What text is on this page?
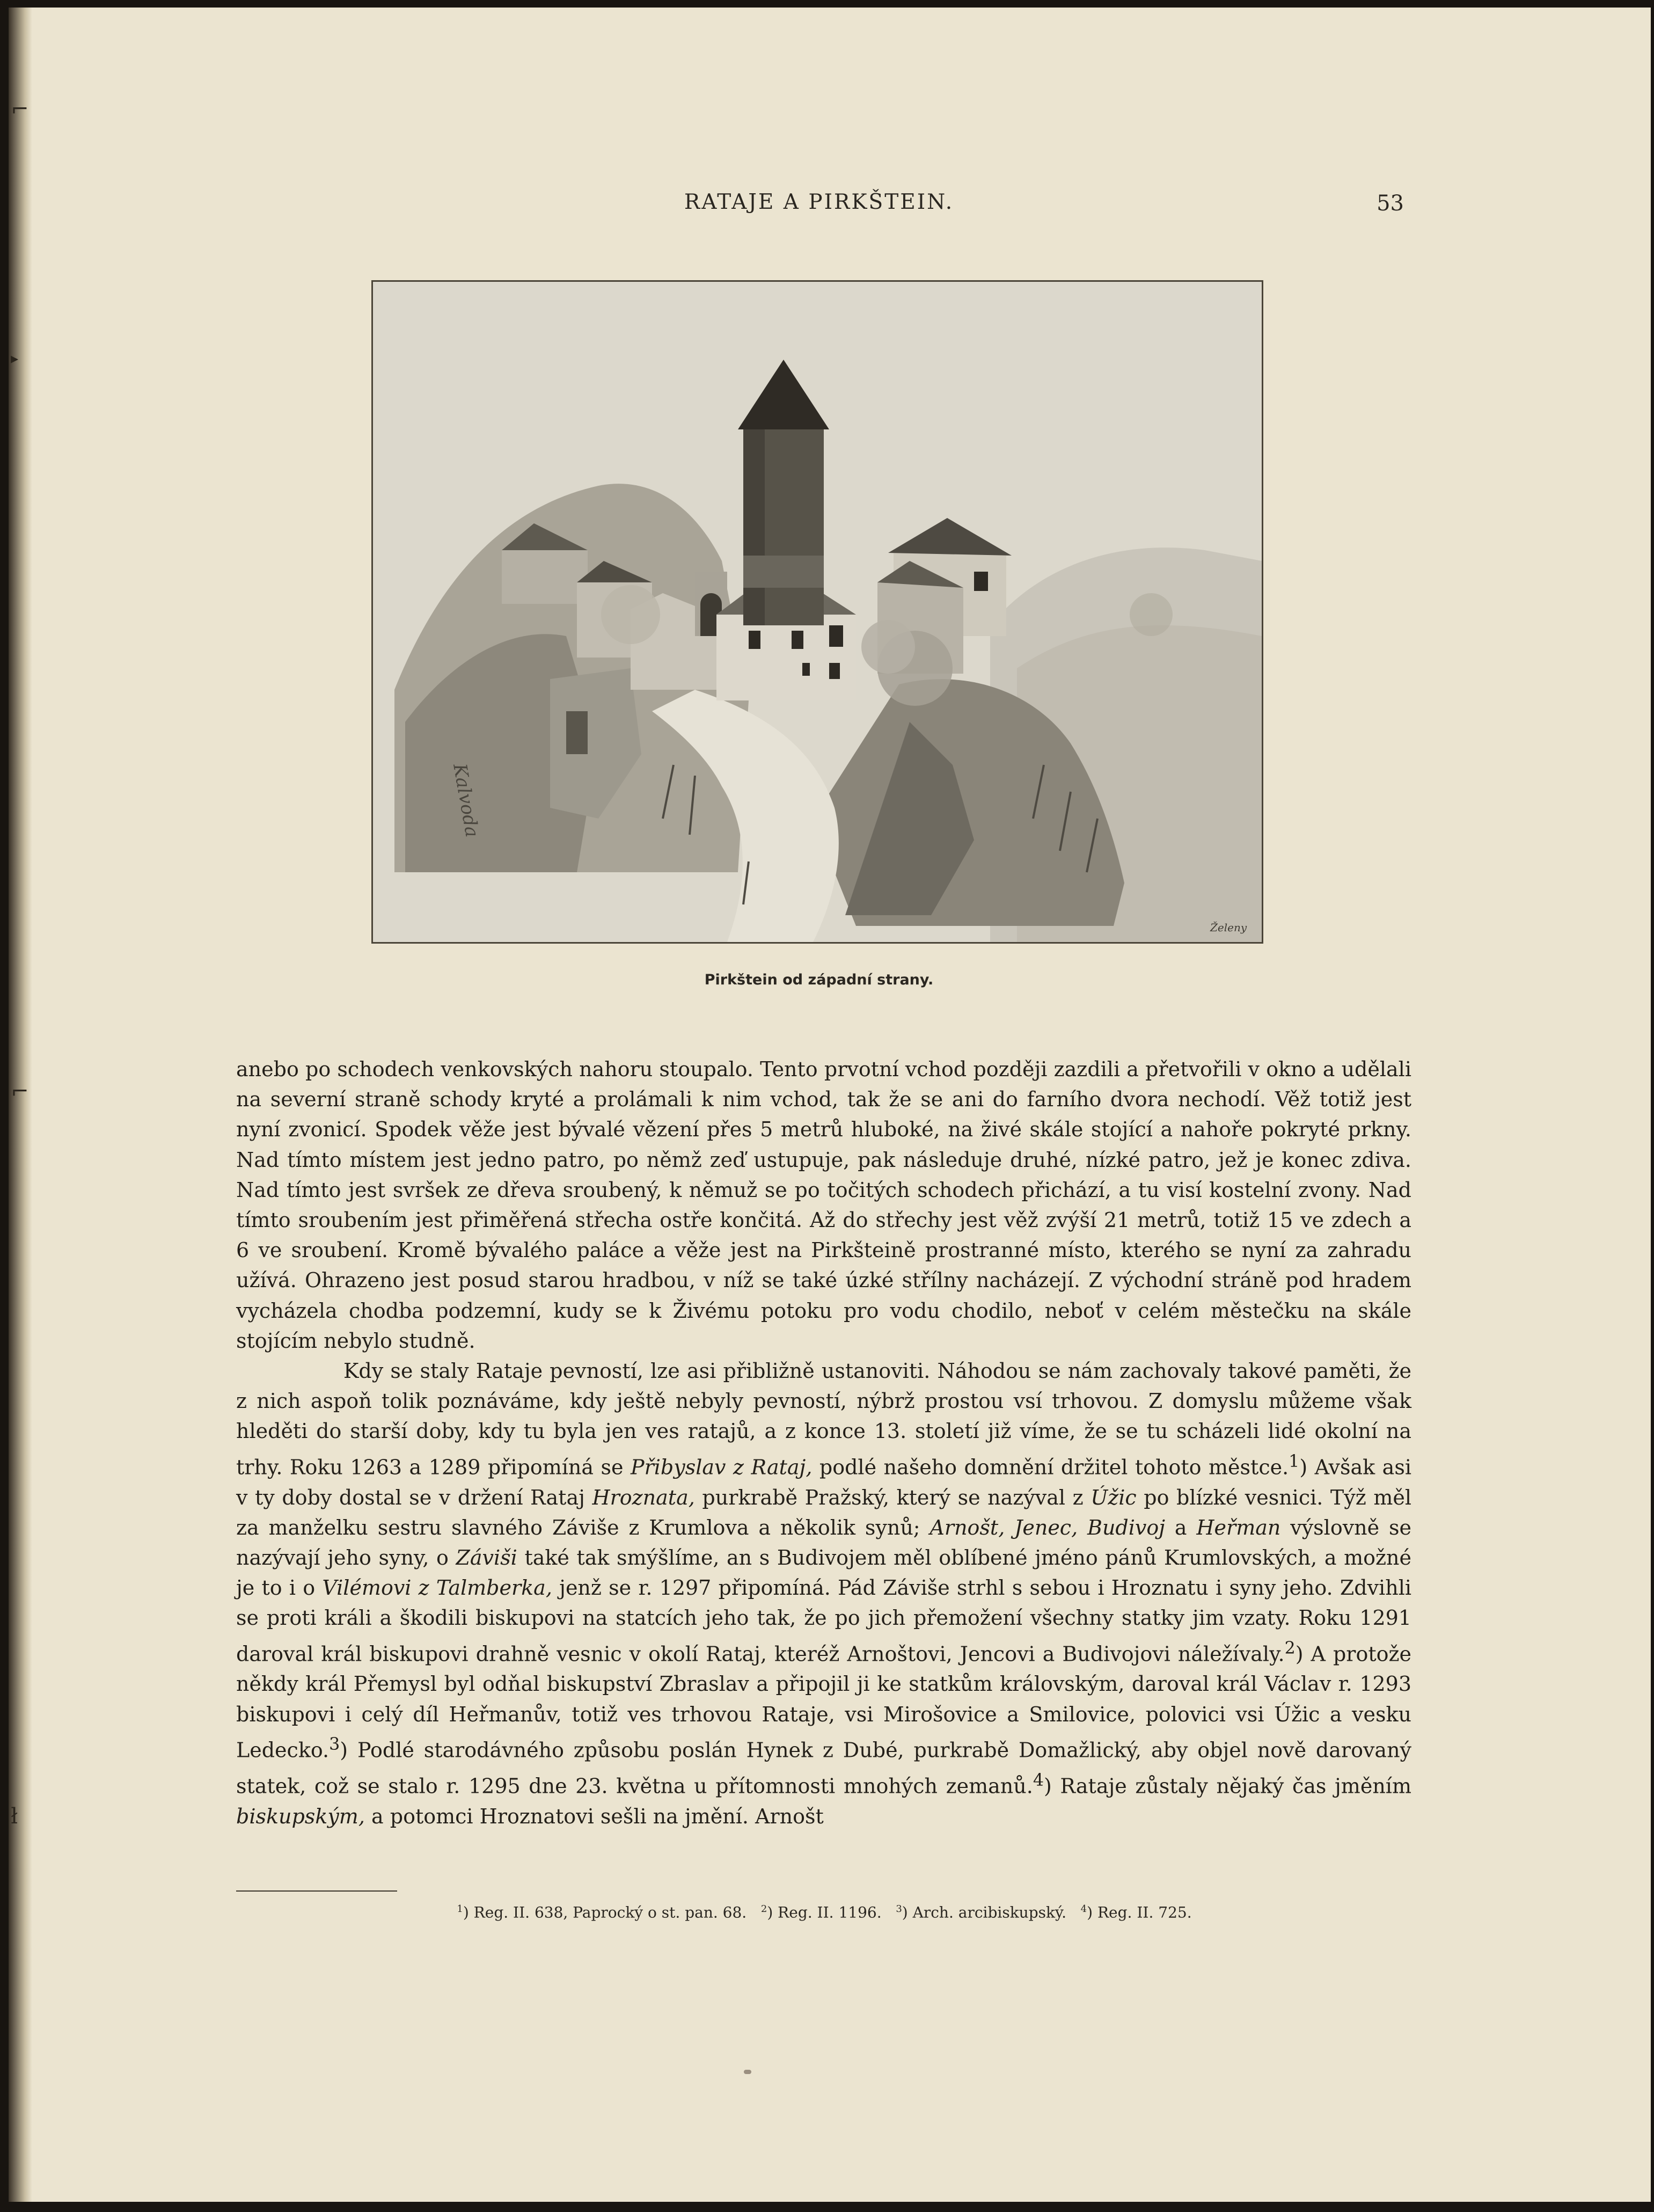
⌐
▸
⌐
ł
RATAJE A PIRKŠTEIN.	53
Kalvoda
Želeny
Pirkštein od západní strany.

anebo po schodech venkovských nahoru stoupalo. Tento prvotní vchod později zazdili a přetvořili v okno a udělali na severní straně schody kryté a prolámali k nim vchod, tak že se ani do farního dvora nechodí. Věž totiž jest nyní zvonicí. Spodek věže jest bývalé vězení přes 5 metrů hluboké, na živé skále stojící a nahoře pokryté prkny. Nad tímto místem jest jedno patro, po němž zeď ustupuje, pak následuje druhé, nízké patro, jež je konec zdiva. Nad tímto jest svršek ze dřeva sroubený, k němuž se po točitých schodech přichází, a tu visí kostelní zvony. Nad tímto sroubením jest přiměřená střecha ostře končitá. Až do střechy jest věž zvýší 21 metrů, totiž 15 ve zdech a 6 ve sroubení. Kromě bývalého paláce a věže jest na Pirkšteině prostranné místo, kterého se nyní za zahradu užívá. Ohrazeno jest posud starou hradbou, v níž se také úzké střílny nacházejí. Z východní stráně pod hradem vycházela chodba podzemní, kudy se k Živému potoku pro vodu chodilo, neboť v celém městečku na skále stojícím nebylo studně.

Kdy se staly Rataje pevností, lze asi přibližně ustanoviti. Náhodou se nám zachovaly takové paměti, že z nich aspoň tolik poznáváme, kdy ještě nebyly pevností, nýbrž prostou vsí trhovou. Z domyslu můžeme však hleděti do starší doby, kdy tu byla jen ves ratajů, a z konce 13. století již víme, že se tu scházeli lidé okolní na trhy. Roku 1263 a 1289 připomíná se Přibyslav z Rataj, podlé našeho domnění držitel tohoto městce.$^1$) Avšak asi v ty doby dostal se v držení Rataj Hroznata, purkrabě Pražský, který se nazýval z Úžic po blízké vesnici. Týž měl za manželku sestru slavného Záviše z Krumlova a několik synů; Arnošt, Jenec, Budivoj a Heřman výslovně se nazývají jeho syny, o Záviši také tak smýšlíme, an s Budivojem měl oblíbené jméno pánů Krumlovských, a možné je to i o Vilémovi z Talmberka, jenž se r. 1297 připomíná. Pád Záviše strhl s sebou i Hroznatu i syny jeho. Zdvihli se proti králi a škodili biskupovi na statcích jeho tak, že po jich přemožení všechny statky jim vzaty. Roku 1291 daroval král biskupovi drahně vesnic v okolí Rataj, kteréž Arnoštovi, Jencovi a Budivojovi náležívaly.$^2$) A protože někdy král Přemysl byl odňal biskupství Zbraslav a připojil ji ke statkům královským, daroval král Václav r. 1293 biskupovi i celý díl Heřmanův, totiž ves trhovou Rataje, vsi Mirošovice a Smilovice, polovici vsi Úžic a vesku Ledecko.$^3$) Podlé starodávného způsobu poslán Hynek z Dubé, purkrabě Domažlický, aby objel nově darovaný statek, což se stalo r. 1295 dne 23. května u přítomnosti mnohých zemanů.$^4$) Rataje zůstaly nějaký čas jměním biskupským, a potomci Hroznatovi sešli na jmění. Arnošt

$^1$) Reg. II. 638, Paprocký o st. pan. 68. $^2$) Reg. II. 1196. $^3$) Arch. arcibiskupský. $^4$) Reg. II. 725.
